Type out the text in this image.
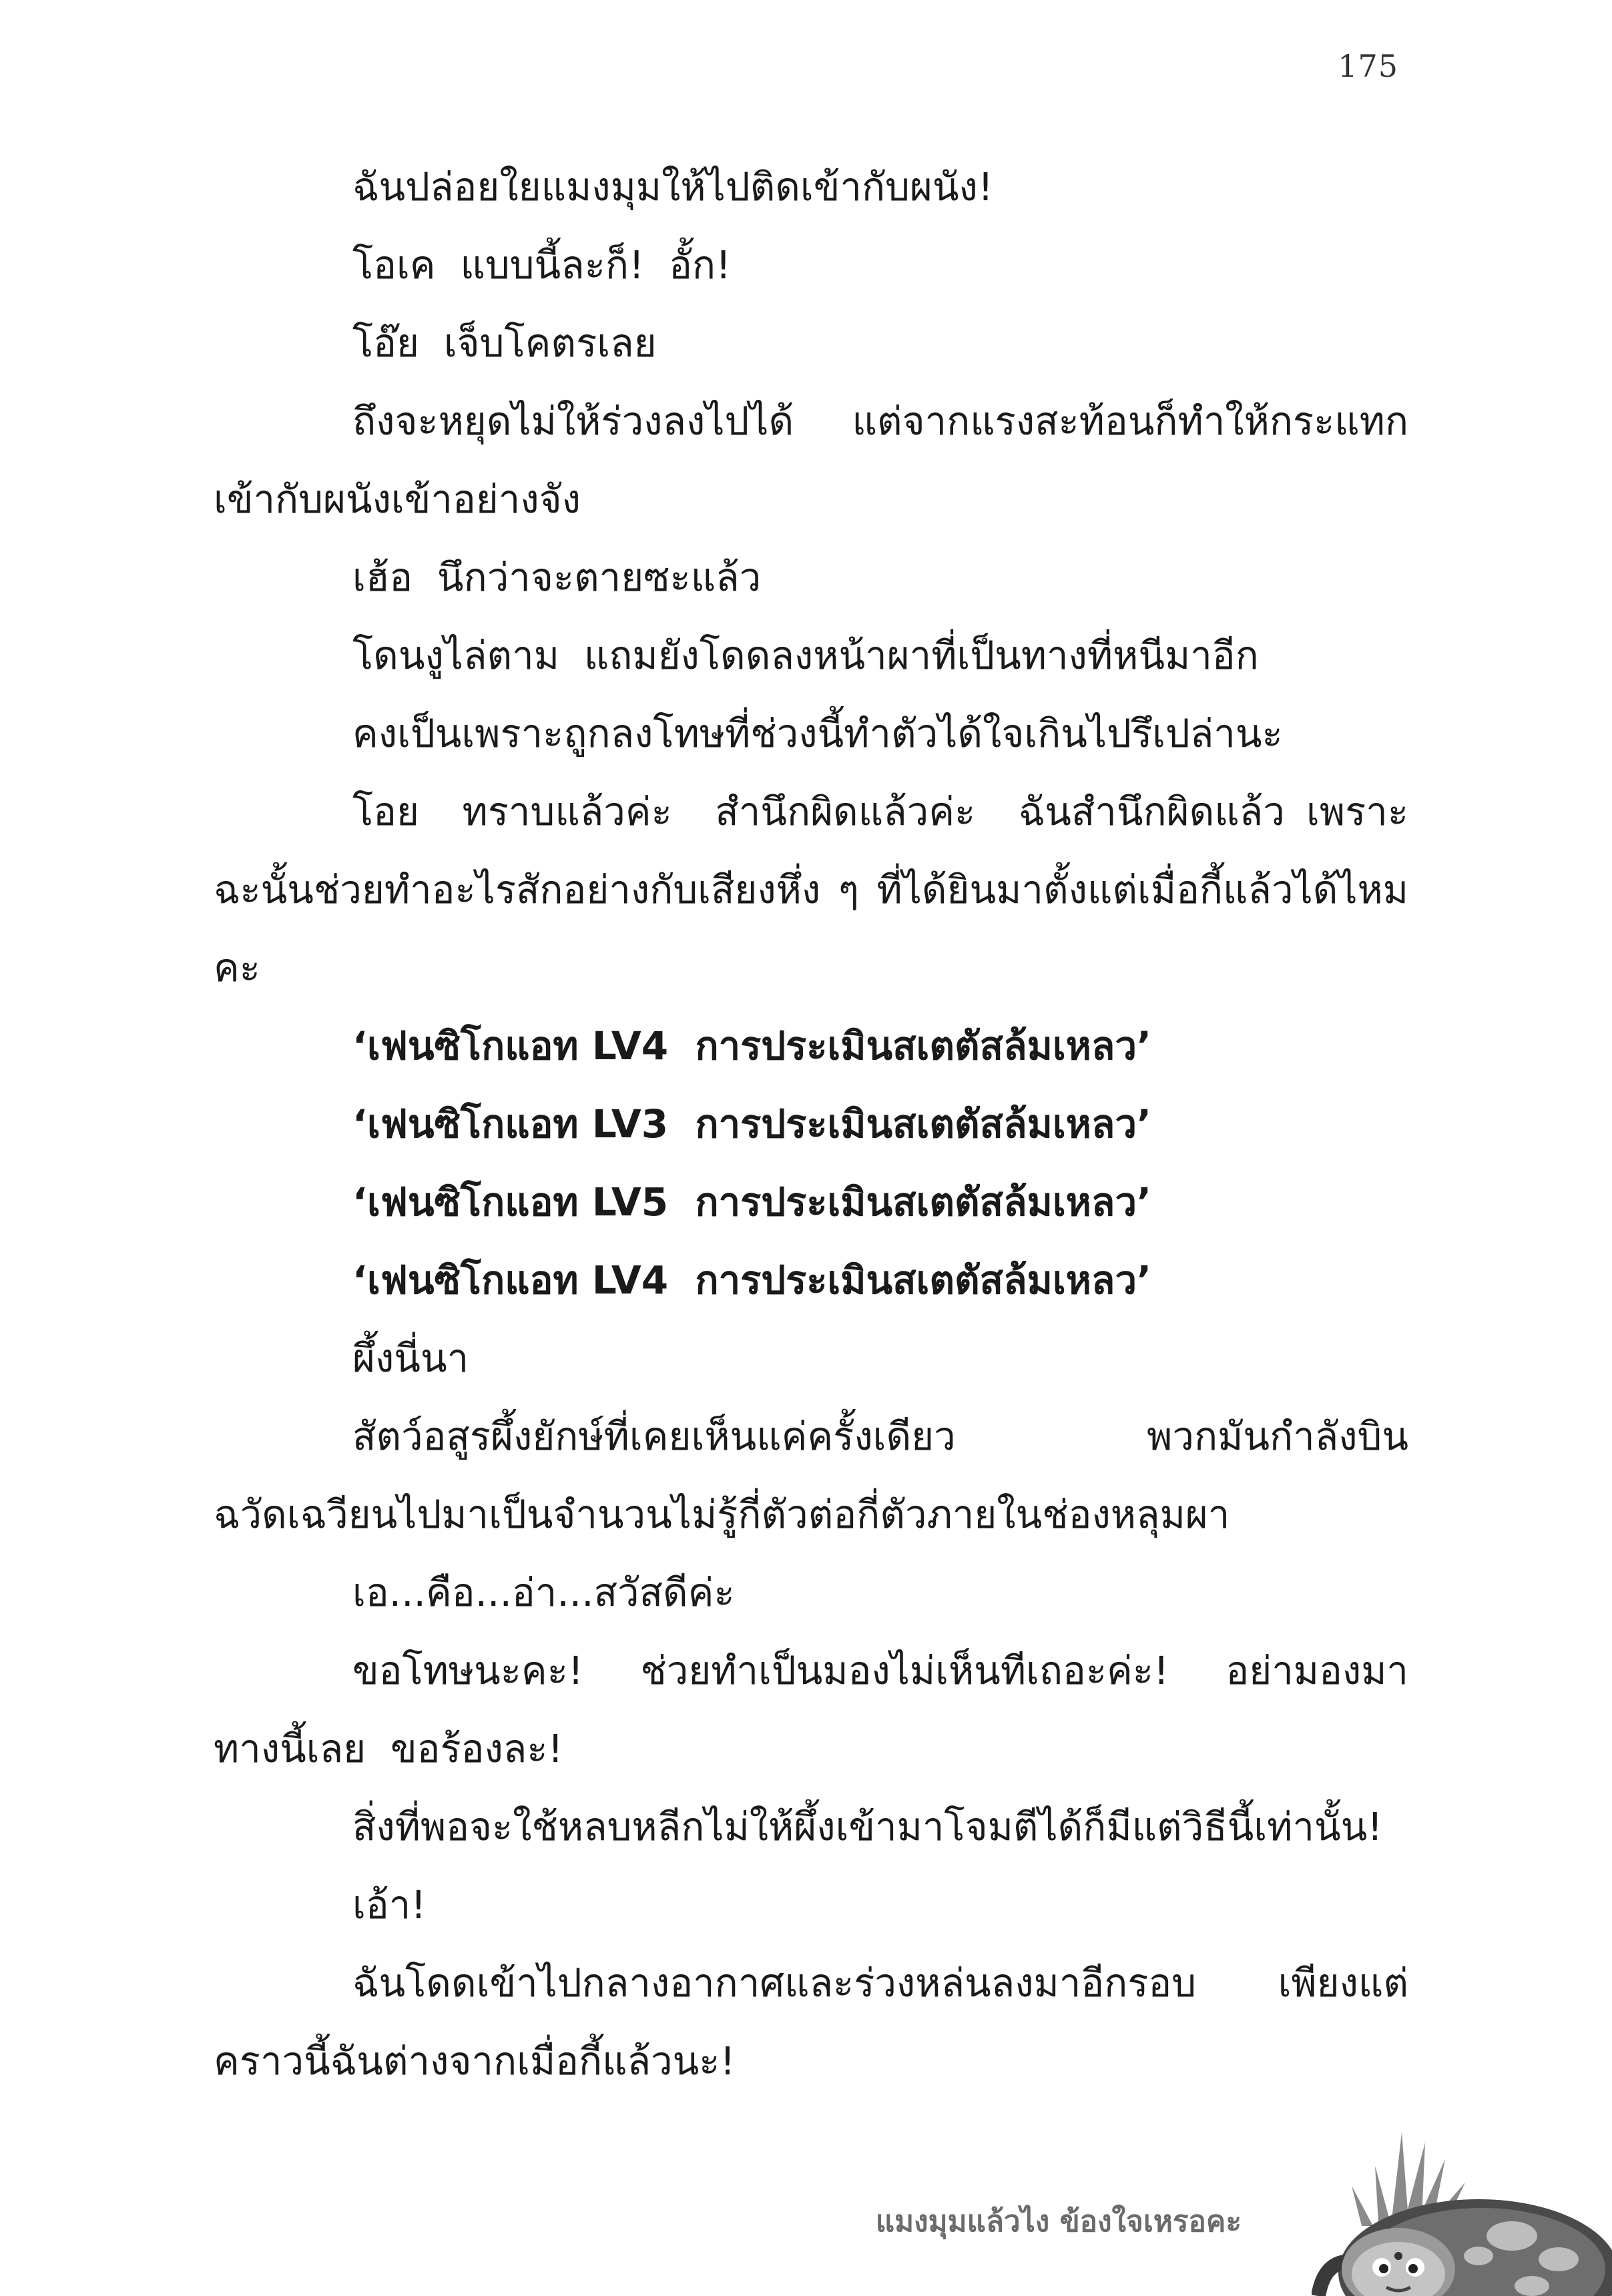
175

ฉันปล่อยใยแมงมุมให้ไปติดเข้ากับผนัง!

โอเค  แบบนี้ละก็!  อั้ก!

โอ๊ย  เจ็บโคตรเลย

ถึงจะหยุดไม่ให้ร่วงลงไปได้  แต่จากแรงสะท้อนก็ทำให้กระแทกเข้ากับผนังเข้าอย่างจัง

เฮ้อ  นึกว่าจะตายซะแล้ว

โดนงูไล่ตาม  แถมยังโดดลงหน้าผาที่เป็นทางที่หนีมาอีก

คงเป็นเพราะถูกลงโทษที่ช่วงนี้ทำตัวได้ใจเกินไปรึเปล่านะ

โอย  ทราบแล้วค่ะ  สำนึกผิดแล้วค่ะ  ฉันสำนึกผิดแล้ว เพราะฉะนั้นช่วยทำอะไรสักอย่างกับเสียงหึ่ง ๆ ที่ได้ยินมาตั้งแต่เมื่อกี้แล้วได้ไหมคะ

‘เฟนซิโกแอท LV4  การประเมินสเตตัสล้มเหลว’

‘เฟนซิโกแอท LV3  การประเมินสเตตัสล้มเหลว’

‘เฟนซิโกแอท LV5  การประเมินสเตตัสล้มเหลว’

‘เฟนซิโกแอท LV4  การประเมินสเตตัสล้มเหลว’

ผึ้งนี่นา

สัตว์อสูรผึ้งยักษ์ที่เคยเห็นแค่ครั้งเดียว  พวกมันกำลังบินฉวัดเฉวียนไปมาเป็นจำนวนไม่รู้กี่ตัวต่อกี่ตัวภายในช่องหลุมผา

เอ...คือ...อ่า...สวัสดีค่ะ

ขอโทษนะคะ!  ช่วยทำเป็นมองไม่เห็นทีเถอะค่ะ!  อย่ามองมาทางนี้เลย  ขอร้องละ!

สิ่งที่พอจะใช้หลบหลีกไม่ให้ผึ้งเข้ามาโจมตีได้ก็มีแต่วิธีนี้เท่านั้น!

เอ้า!

ฉันโดดเข้าไปกลางอากาศและร่วงหล่นลงมาอีกรอบ  เพียงแต่คราวนี้ฉันต่างจากเมื่อกี้แล้วนะ!

แมงมุมแล้วไง ข้องใจเหรอคะ
